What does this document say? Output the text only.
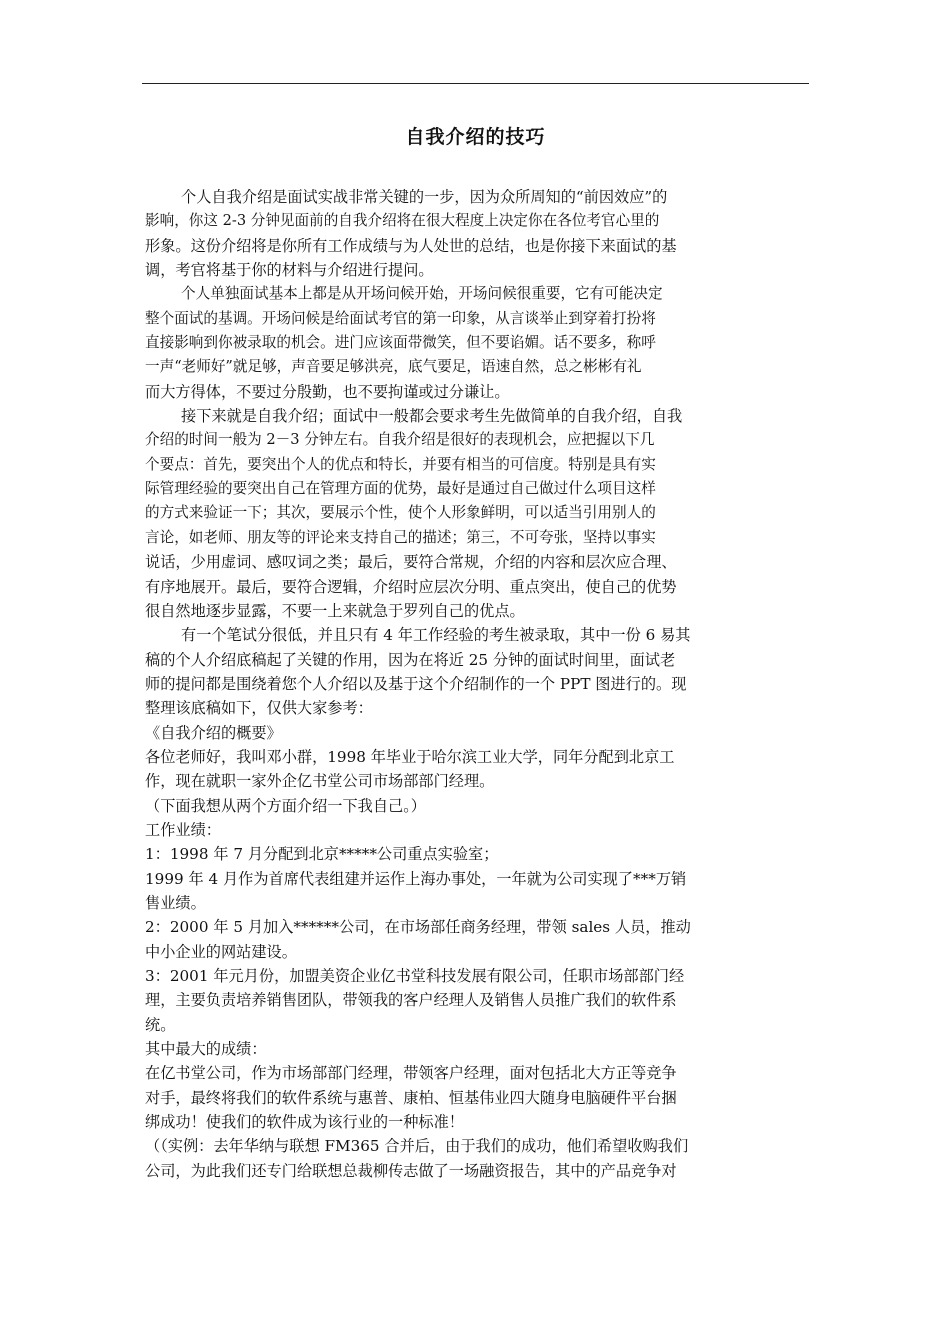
自我介绍的技巧
个人自我介绍是面试实战非常关键的一步，因为众所周知的“前因效应”的
影响，你这 2-3 分钟见面前的自我介绍将在很大程度上决定你在各位考官心里的
形象。这份介绍将是你所有工作成绩与为人处世的总结，也是你接下来面试的基
调，考官将基于你的材料与介绍进行提问。
个人单独面试基本上都是从开场问候开始，开场问候很重要，它有可能决定
整个面试的基调。开场问候是给面试考官的第一印象，从言谈举止到穿着打扮将
直接影响到你被录取的机会。进门应该面带微笑，但不要谄媚。话不要多，称呼
一声“老师好”就足够，声音要足够洪亮，底气要足，语速自然，总之彬彬有礼
而大方得体，不要过分殷勤，也不要拘谨或过分谦让。
接下来就是自我介绍；面试中一般都会要求考生先做简单的自我介绍，自我
介绍的时间一般为 2－3 分钟左右。自我介绍是很好的表现机会，应把握以下几
个要点：首先，要突出个人的优点和特长，并要有相当的可信度。特别是具有实
际管理经验的要突出自己在管理方面的优势，最好是通过自己做过什么项目这样
的方式来验证一下；其次，要展示个性，使个人形象鲜明，可以适当引用别人的
言论，如老师、朋友等的评论来支持自己的描述；第三，不可夸张，坚持以事实
说话，少用虚词、感叹词之类；最后，要符合常规，介绍的内容和层次应合理、
有序地展开。最后，要符合逻辑，介绍时应层次分明、重点突出，使自己的优势
很自然地逐步显露，不要一上来就急于罗列自己的优点。
有一个笔试分很低，并且只有 4 年工作经验的考生被录取，其中一份 6 易其
稿的个人介绍底稿起了关键的作用，因为在将近 25 分钟的面试时间里，面试老
师的提问都是围绕着您个人介绍以及基于这个介绍制作的一个 PPT 图进行的。现
整理该底稿如下，仅供大家参考：
《自我介绍的概要》
各位老师好，我叫邓小群，1998 年毕业于哈尔滨工业大学，同年分配到北京工
作，现在就职一家外企亿书堂公司市场部部门经理。
（下面我想从两个方面介绍一下我自己。）
工作业绩：
1：1998 年 7 月分配到北京*****公司重点实验室；
1999 年 4 月作为首席代表组建并运作上海办事处，一年就为公司实现了***万销
售业绩。
2：2000 年 5 月加入******公司，在市场部任商务经理，带领 sales 人员，推动
中小企业的网站建设。
3：2001 年元月份，加盟美资企业亿书堂科技发展有限公司，任职市场部部门经
理，主要负责培养销售团队，带领我的客户经理人及销售人员推广我们的软件系
统。
其中最大的成绩：
在亿书堂公司，作为市场部部门经理，带领客户经理，面对包括北大方正等竞争
对手，最终将我们的软件系统与惠普、康柏、恒基伟业四大随身电脑硬件平台捆
绑成功！使我们的软件成为该行业的一种标准！
（（实例：去年华纳与联想 FM365 合并后，由于我们的成功，他们希望收购我们
公司，为此我们还专门给联想总裁柳传志做了一场融资报告，其中的产品竞争对
